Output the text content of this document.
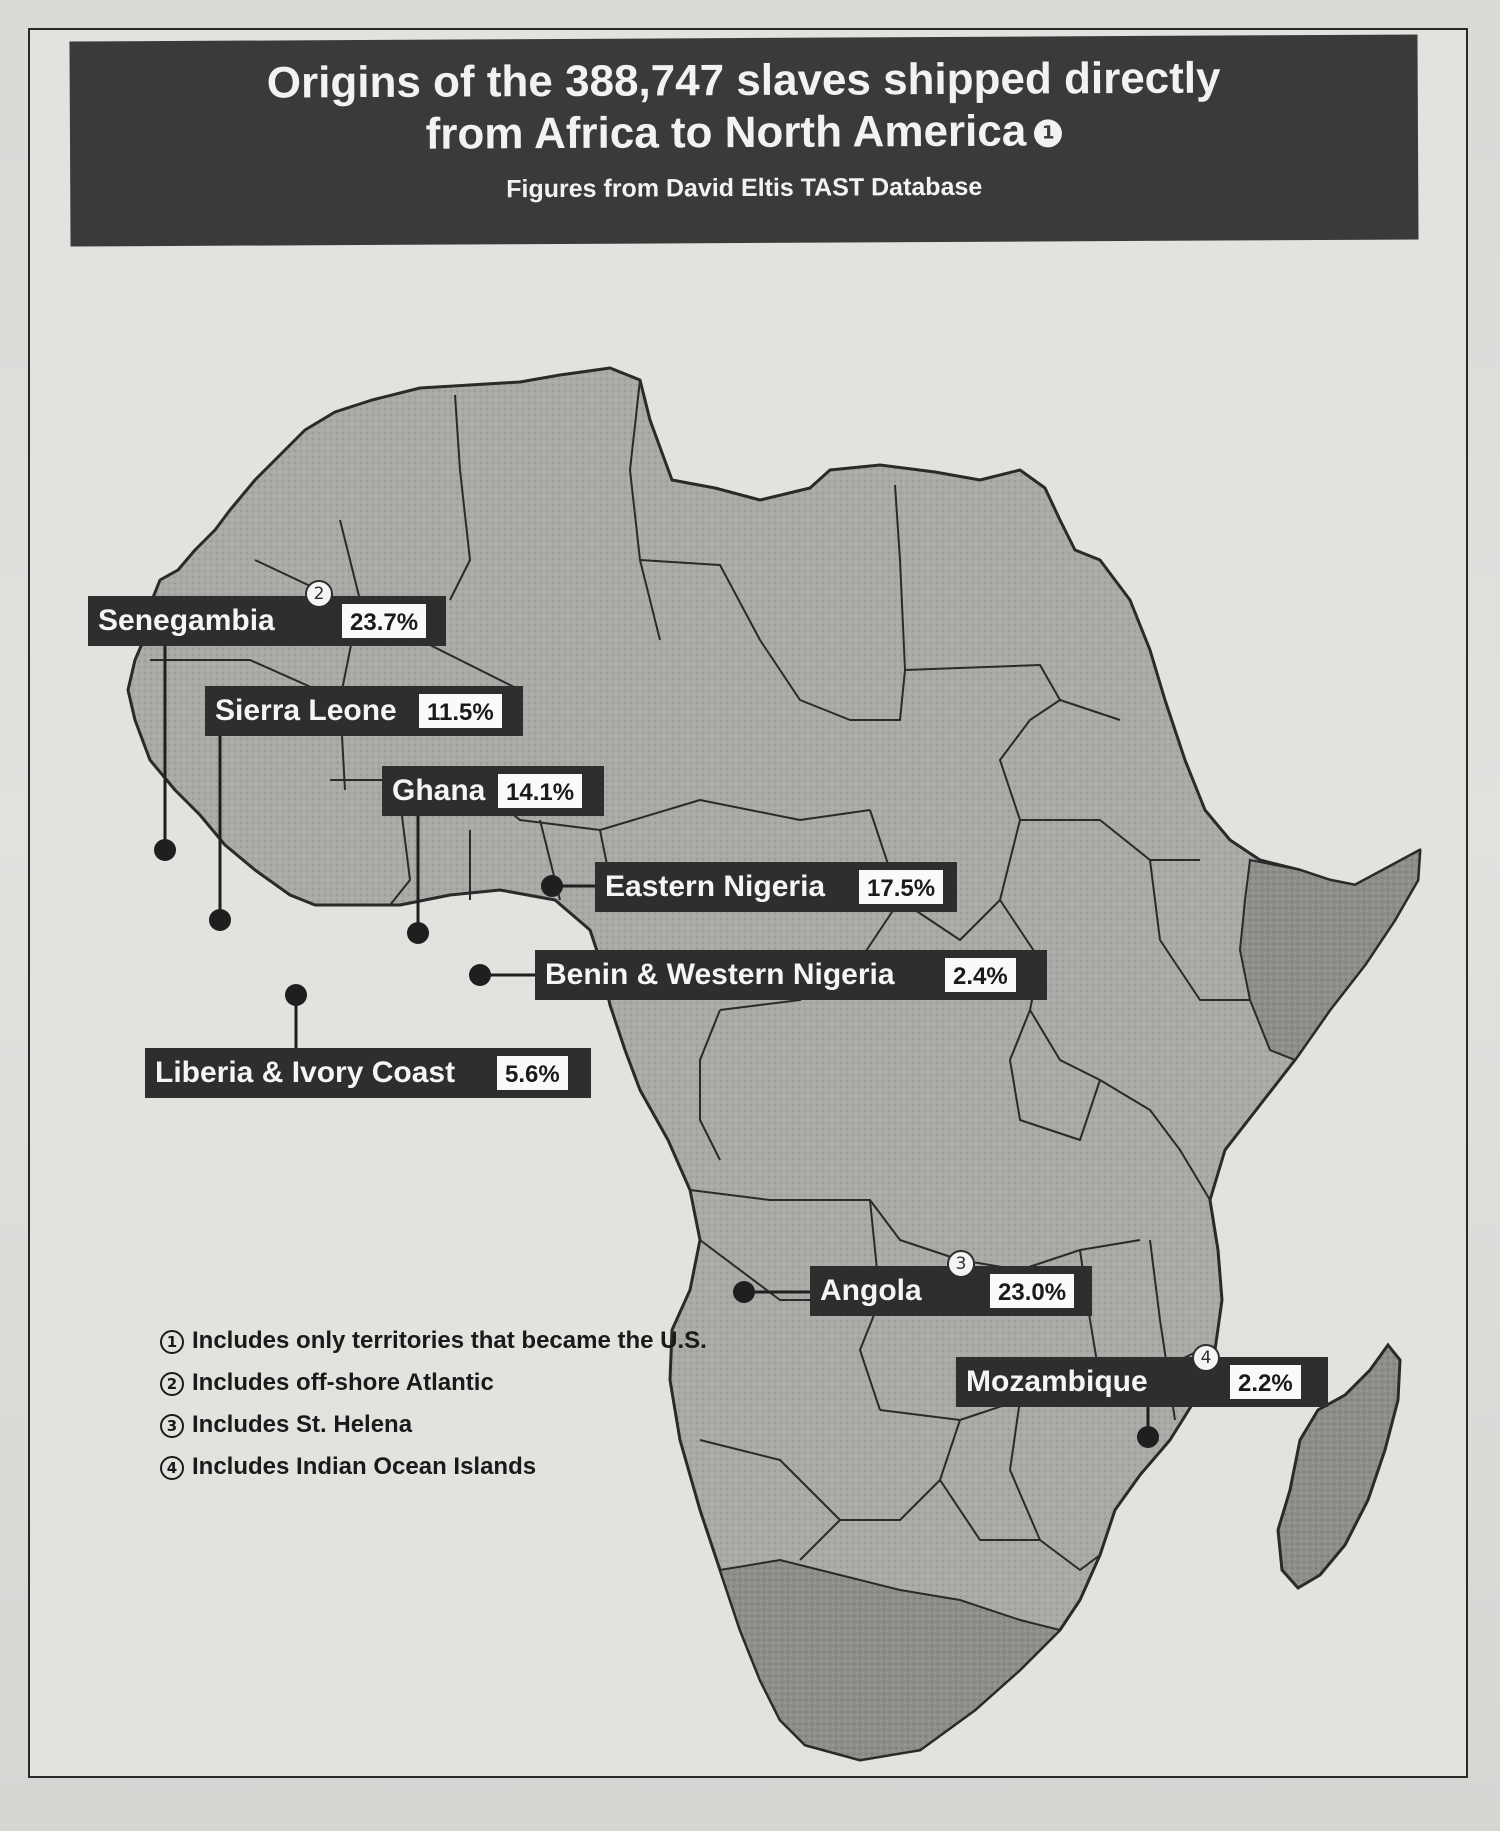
Origins of the 388,747 slaves shipped directly
from Africa to North America 1
Figures from David Eltis TAST Database
Senegambia	23.7%
2
Sierra Leone	11.5%
Ghana 14.1%
Eastern Nigeria	17.5%
Benin & Western Nigeria	2.4%
Liberia & Ivory Coast	5.6%
Angola	23.0%
3
Mozambique	2.2%
4
1 Includes only territories that became the U.S.
2 Includes off-shore Atlantic
3 Includes St. Helena
4 Includes Indian Ocean Islands
